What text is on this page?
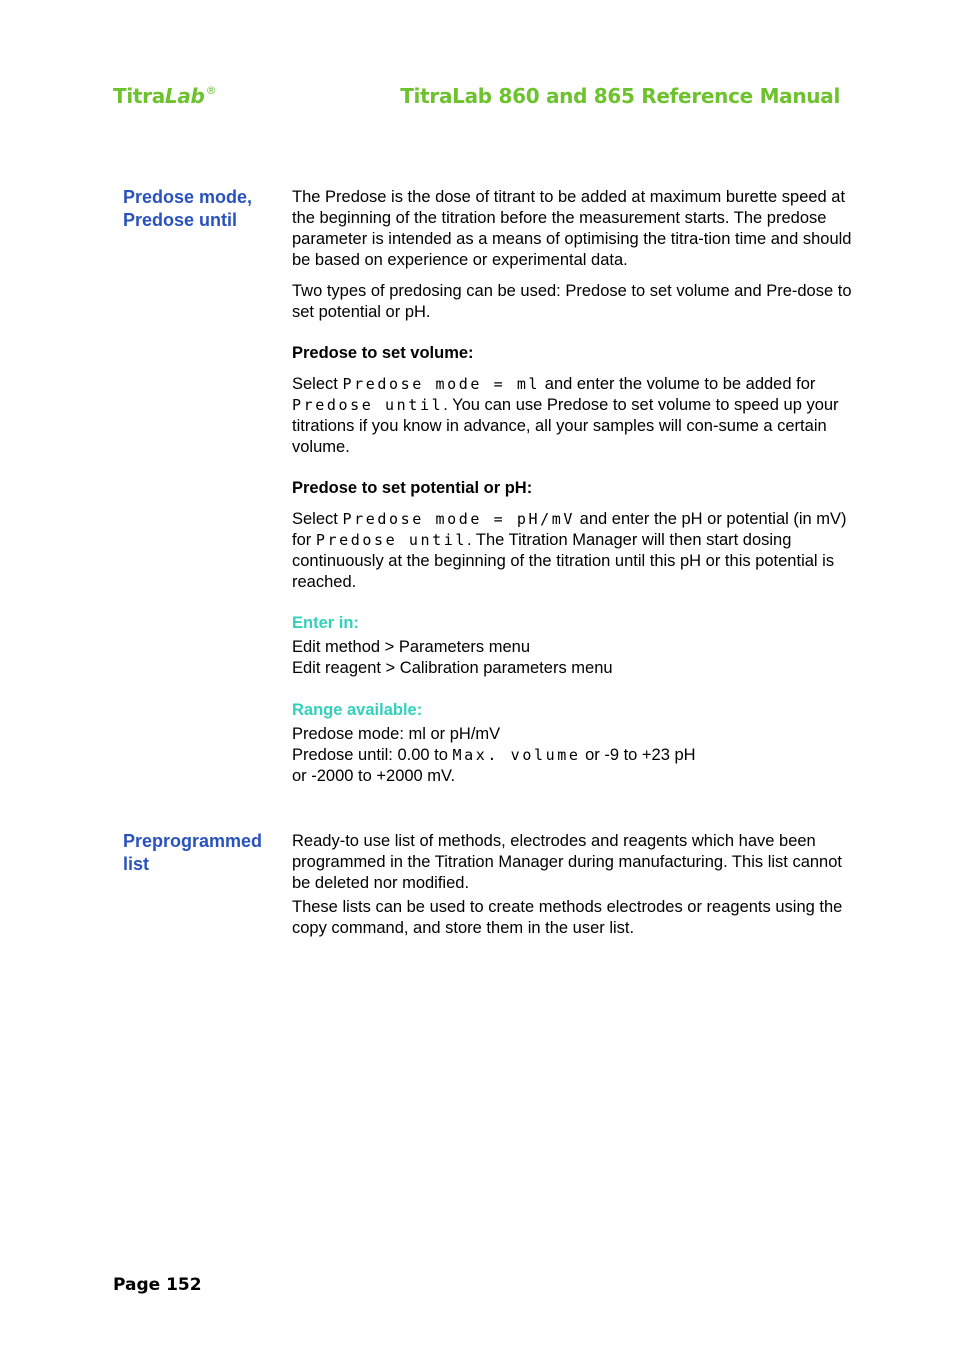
TitraLab®	TitraLab 860 and 865 Reference Manual
Predose mode,
Predose until

The Predose is the dose of titrant to be added at maximum burette speed at the beginning of the titration before the measurement starts. The predose parameter is intended as a means of optimising the titra-tion time and should be based on experience or experimental data.

Two types of predosing can be used: Predose to set volume and Pre-dose to set potential or pH.

Predose to set volume:

Select Predose mode = ml and enter the volume to be added for Predose until. You can use Predose to set volume to speed up your titrations if you know in advance, all your samples will con-sume a certain volume.

Predose to set potential or pH:

Select Predose mode = pH/mV and enter the pH or potential (in mV) for Predose until. The Titration Manager will then start dosing continuously at the beginning of the titration until this pH or this potential is reached.

Enter in:

Edit method > Parameters menu

Edit reagent > Calibration parameters menu

Range available:

Predose mode: ml or pH/mV

Predose until: 0.00 to Max. volume or -9 to +23 pH

or -2000 to +2000 mV.

Preprogrammed
list

Ready-to use list of methods, electrodes and reagents which have been programmed in the Titration Manager during manufacturing. This list cannot be deleted nor modified.

These lists can be used to create methods electrodes or reagents using the copy command, and store them in the user list.

Page 152
